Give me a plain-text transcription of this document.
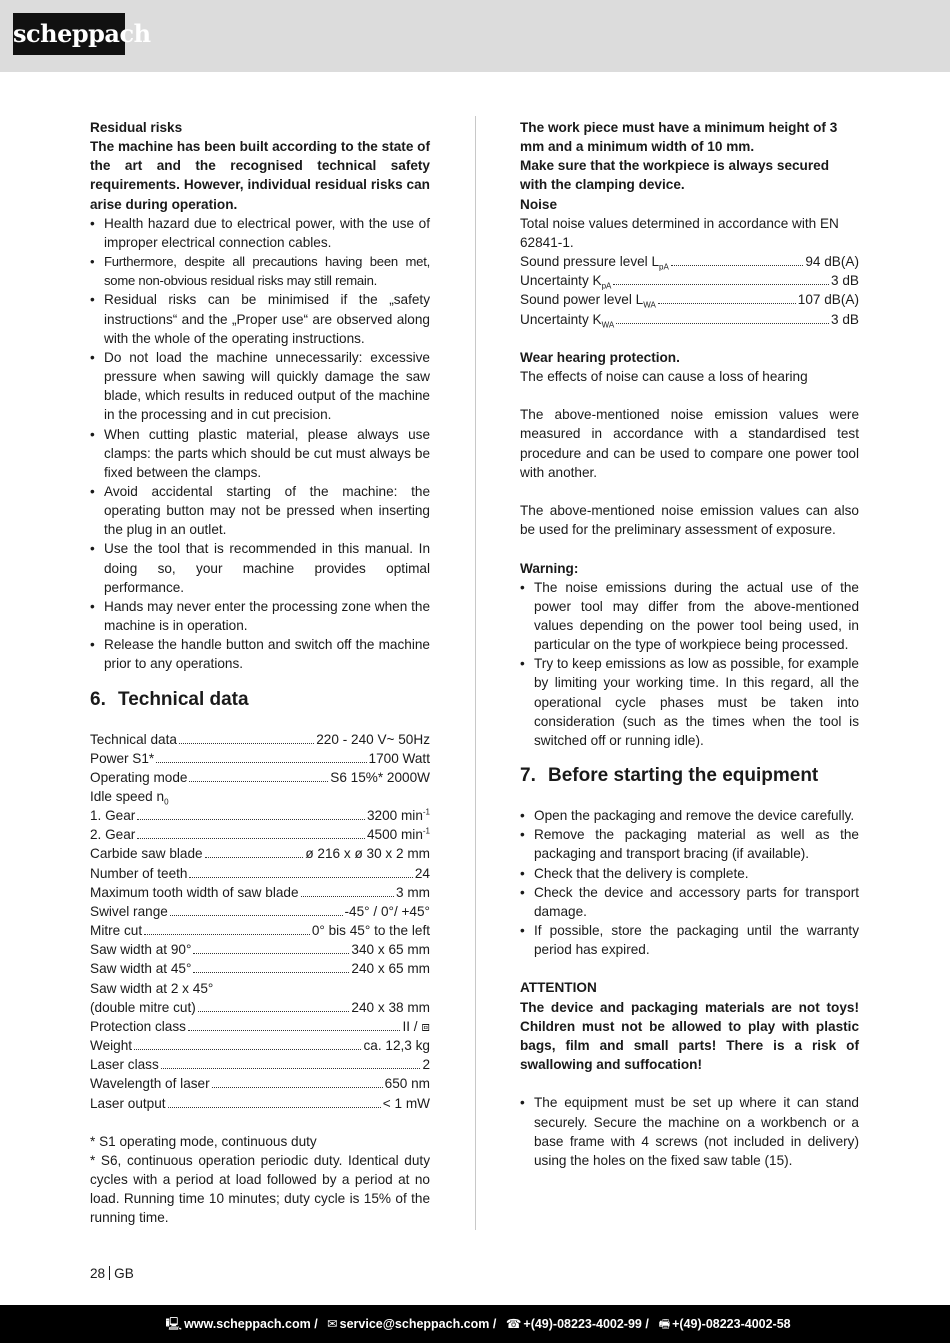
scheppach

Residual risks

The machine has been built according to the state of the art and the recognised technical safety requirements. However, individual residual risks can arise during operation.

• Health hazard due to electrical power, with the use of improper electrical connection cables.
• Furthermore, despite all precautions having been met, some non-obvious residual risks may still remain.
• Residual risks can be minimised if the „safety instructions“ and the „Proper use“ are observed along with the whole of the operating instructions.
• Do not load the machine unnecessarily: excessive pressure when sawing will quickly damage the saw blade, which results in reduced output of the machine in the processing and in cut precision.
• When cutting plastic material, please always use clamps: the parts which should be cut must always be fixed between the clamps.
• Avoid accidental starting of the machine: the operating button may not be pressed when inserting the plug in an outlet.
• Use the tool that is recommended in this manual. In doing so, your machine provides optimal performance.
• Hands may never enter the processing zone when the machine is in operation.
• Release the handle button and switch off the machine prior to any operations.
6. Technical data
Technical data	220 - 240 V~ 50Hz
Power S1*	1700 Watt
Operating mode	S6 15%* 2000W
Idle speed $n_0$
1. Gear	3200 $\min^{-1}$
2. Gear	4500 $\min^{-1}$
Carbide saw blade	ø 216 x ø 30 x 2 mm
Number of teeth	24
Maximum tooth width of saw blade	3 mm
Swivel range	-45° / 0°/ +45°
Mitre cut	0° bis 45° to the left
Saw width at 90°	340 x 65 mm
Saw width at 45°	240 x 65 mm
Saw width at 2 x 45°
(double mitre cut)	240 x 38 mm
Protection class	II / ⧈
Weight	ca. 12,3 kg
Laser class	2
Wavelength of laser	650 nm
Laser output	< 1 mW

* S1 operating mode, continuous duty

* S6, continuous operation periodic duty. Identical duty cycles with a period at load followed by a period at no load. Running time 10 minutes; duty cycle is 15% of the running time.

The work piece must have a minimum height of 3 mm and a minimum width of 10 mm.

Make sure that the workpiece is always secured with the clamping device.

Noise

Total noise values determined in accordance with EN 62841-1.

Sound pressure level $L_{pA}$	94 dB(A)
Uncertainty $K_{pA}$	3 dB
Sound power level $L_{WA}$	107 dB(A)
Uncertainty $K_{WA}$	3 dB

Wear hearing protection.

The effects of noise can cause a loss of hearing

The above-mentioned noise emission values were measured in accordance with a standardised test procedure and can be used to compare one power tool with another.

The above-mentioned noise emission values can also be used for the preliminary assessment of exposure.

Warning:

• The noise emissions during the actual use of the power tool may differ from the above-mentioned values depending on the power tool being used, in particular on the type of workpiece being processed.
• Try to keep emissions as low as possible, for example by limiting your working time. In this regard, all the operational cycle phases must be taken into consideration (such as the times when the tool is switched off or running idle).
7. Before starting the equipment
• Open the packaging and remove the device carefully.
• Remove the packaging material as well as the packaging and transport bracing (if available).
• Check that the delivery is complete.
• Check the device and accessory parts for transport damage.
• If possible, store the packaging until the warranty period has expired.

ATTENTION

The device and packaging materials are not toys! Children must not be allowed to play with plastic bags, film and small parts! There is a risk of swallowing and suffocation!

• The equipment must be set up where it can stand securely. Secure the machine on a workbench or a base frame with 4 screws (not included in delivery) using the holes on the fixed saw table (15).
28 GB
🖳 www.scheppach.com / ✉ service@scheppach.com / ☎ +(49)-08223-4002-99 / 🖷 +(49)-08223-4002-58
